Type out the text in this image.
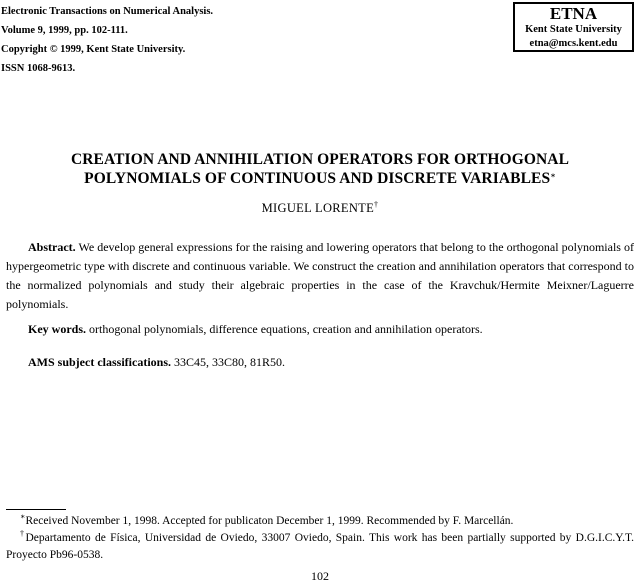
Electronic Transactions on Numerical Analysis.
Volume 9, 1999, pp. 102-111.
Copyright © 1999, Kent State University.
ISSN 1068-9613.
ETNA
Kent State University
etna@mcs.kent.edu
CREATION AND ANNIHILATION OPERATORS FOR ORTHOGONAL
POLYNOMIALS OF CONTINUOUS AND DISCRETE VARIABLES∗
MIGUEL LORENTE†
Abstract. We develop general expressions for the raising and lowering operators that belong to the orthogonal polynomials of hypergeometric type with discrete and continuous variable. We construct the creation and annihilation operators that correspond to the normalized polynomials and study their algebraic properties in the case of the Kravchuk/Hermite Meixner/Laguerre polynomials.
Key words. orthogonal polynomials, difference equations, creation and annihilation operators.
AMS subject classifications. 33C45, 33C80, 81R50.
∗Received November 1, 1998. Accepted for publicaton December 1, 1999. Recommended by F. Marcellán.
†Departamento de Física, Universidad de Oviedo, 33007 Oviedo, Spain. This work has been partially supported by D.G.I.C.Y.T. Proyecto Pb96-0538.
102
